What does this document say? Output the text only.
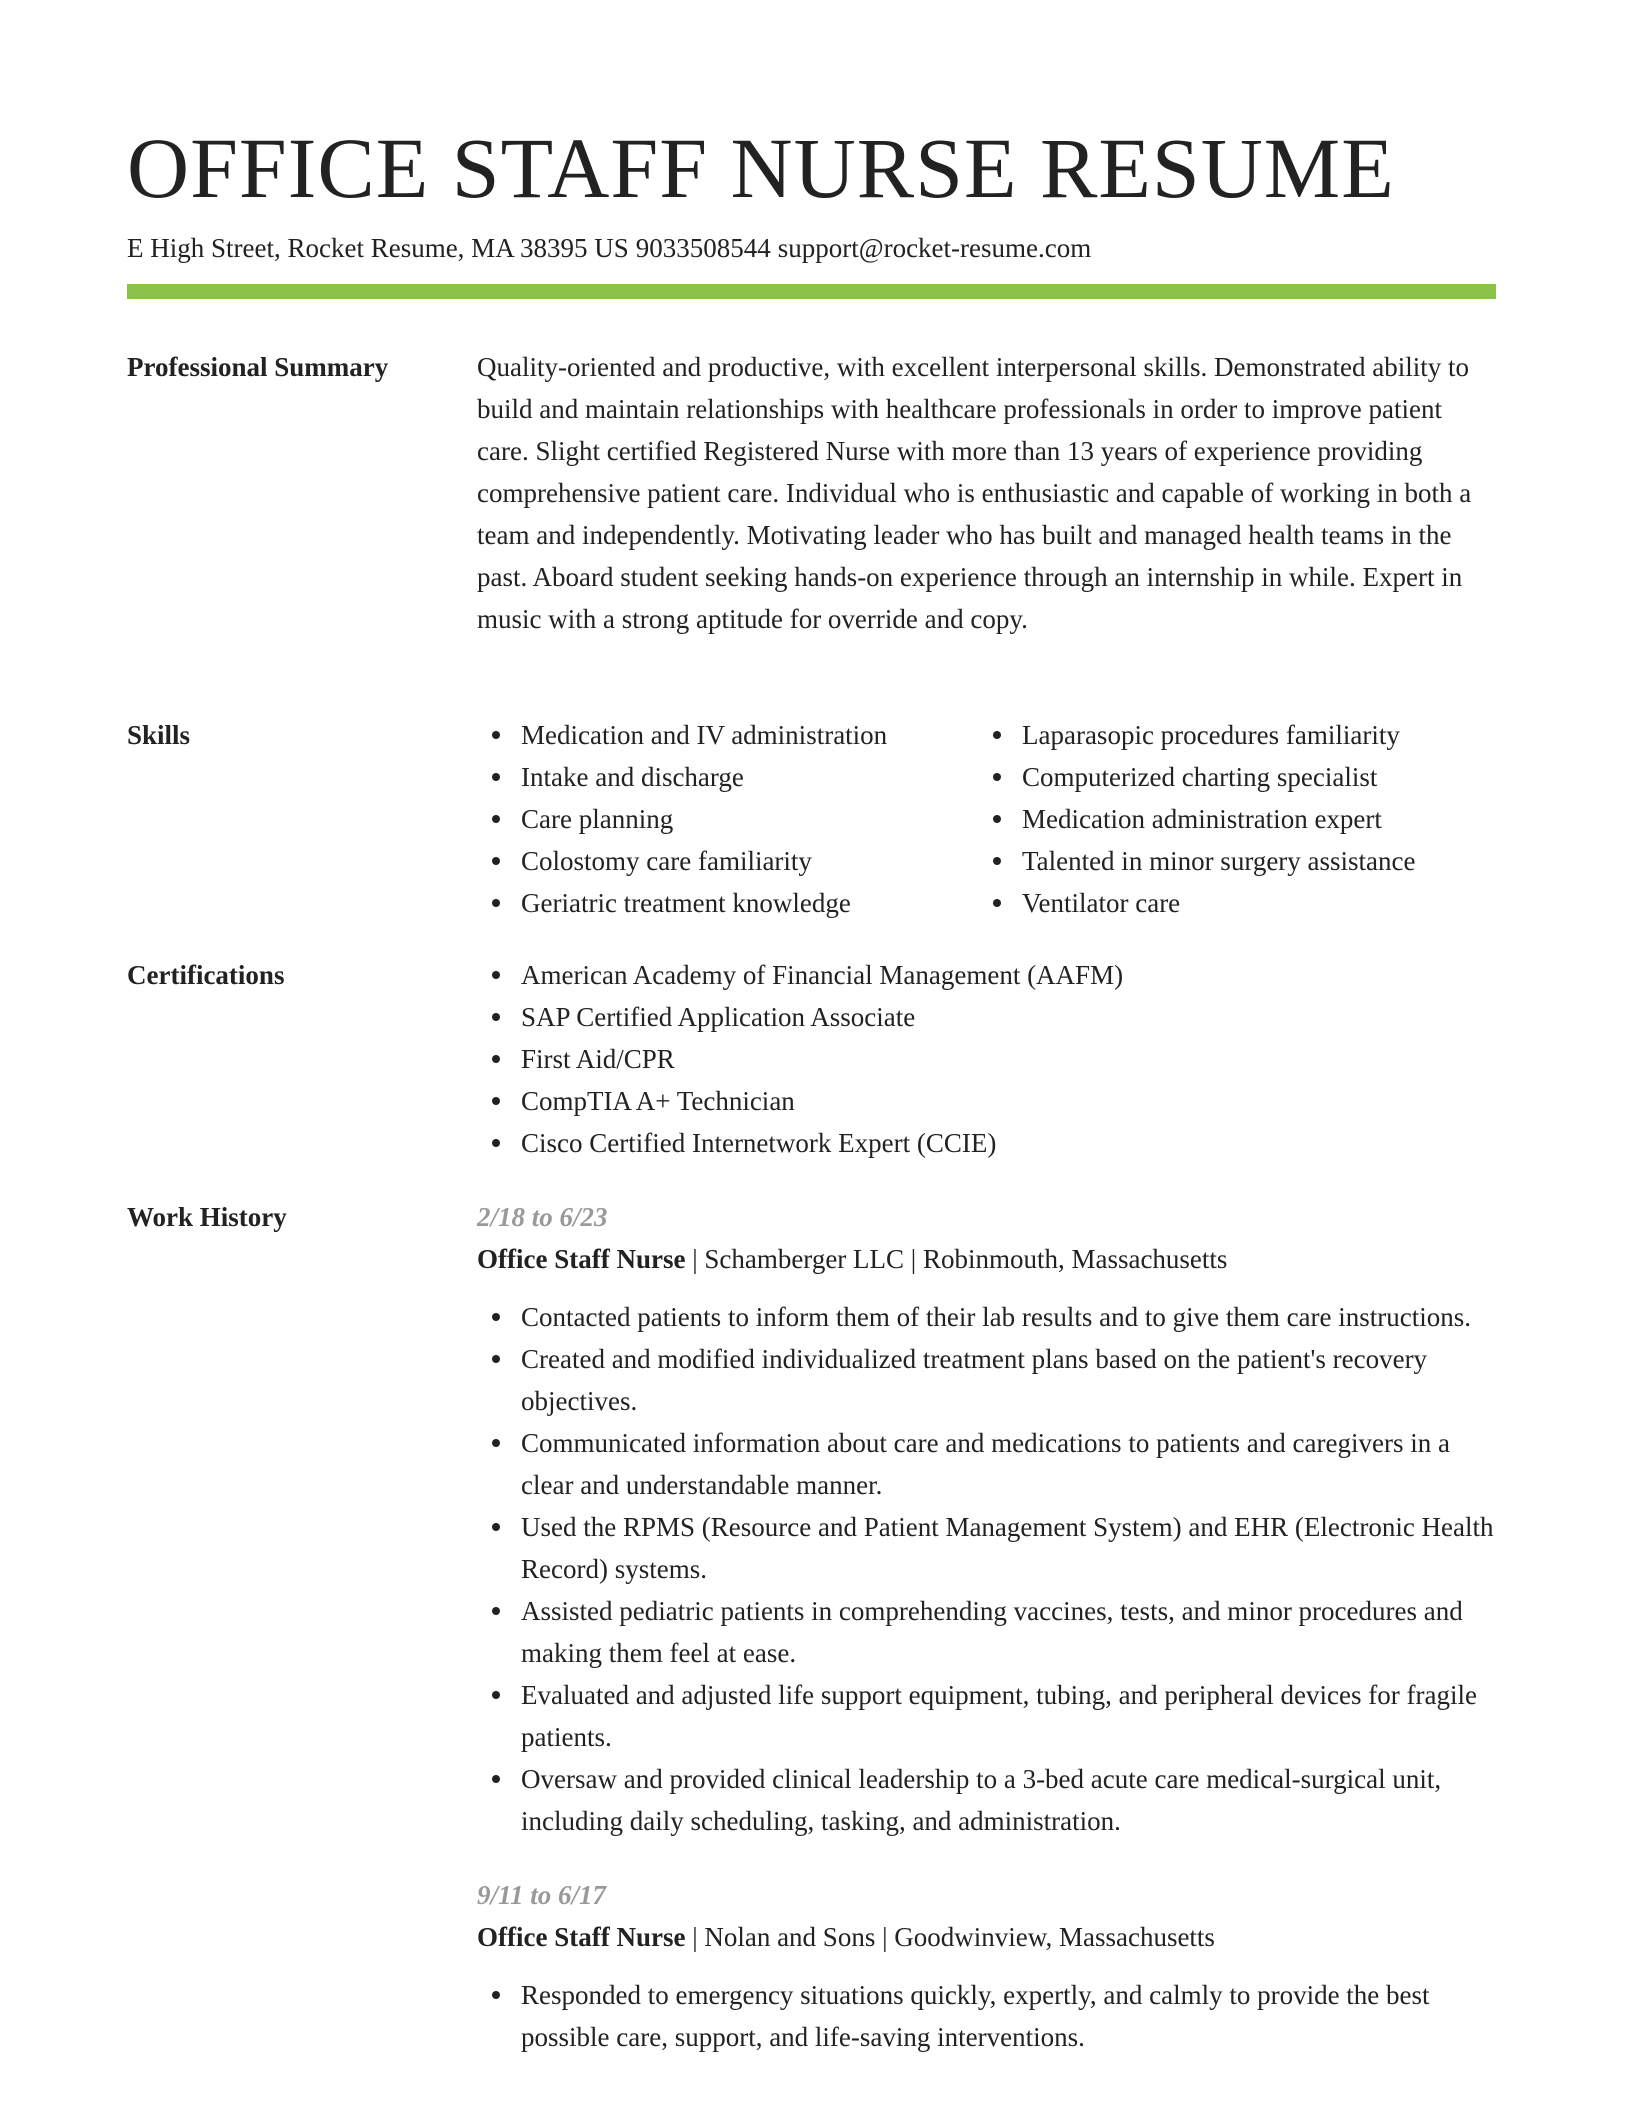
OFFICE STAFF NURSE RESUME
E High Street, Rocket Resume, MA 38395 US 9033508544 support@rocket-resume.com
Professional Summary	Quality-oriented and productive, with excellent interpersonal skills. Demonstrated ability to build and maintain relationships with healthcare professionals in order to improve patient care. Slight certified Registered Nurse with more than 13 years of experience providing comprehensive patient care. Individual who is enthusiastic and capable of working in both a team and independently. Motivating leader who has built and managed health teams in the past. Aboard student seeking hands-on experience through an internship in while. Expert in music with a strong aptitude for override and copy.

Skills	Medication and IV administration
Intake and discharge
Care planning
Colostomy care familiarity
Geriatric treatment knowledge
Laparasopic procedures familiarity
Computerized charting specialist
Medication administration expert
Talented in minor surgery assistance
Ventilator care
Certifications	American Academy of Financial Management (AAFM)
SAP Certified Application Associate
First Aid/CPR
CompTIA A+ Technician
Cisco Certified Internetwork Expert (CCIE)
Work History	2/18 to 6/23
Office Staff Nurse | Schamberger LLC | Robinmouth, Massachusetts
Contacted patients to inform them of their lab results and to give them care instructions.
Created and modified individualized treatment plans based on the patient's recovery objectives.
Communicated information about care and medications to patients and caregivers in a clear and understandable manner.
Used the RPMS (Resource and Patient Management System) and EHR (Electronic Health Record) systems.
Assisted pediatric patients in comprehending vaccines, tests, and minor procedures and making them feel at ease.
Evaluated and adjusted life support equipment, tubing, and peripheral devices for fragile patients.
Oversaw and provided clinical leadership to a 3-bed acute care medical-surgical unit, including daily scheduling, tasking, and administration.
9/11 to 6/17
Office Staff Nurse | Nolan and Sons | Goodwinview, Massachusetts
Responded to emergency situations quickly, expertly, and calmly to provide the best possible care, support, and life-saving interventions.
